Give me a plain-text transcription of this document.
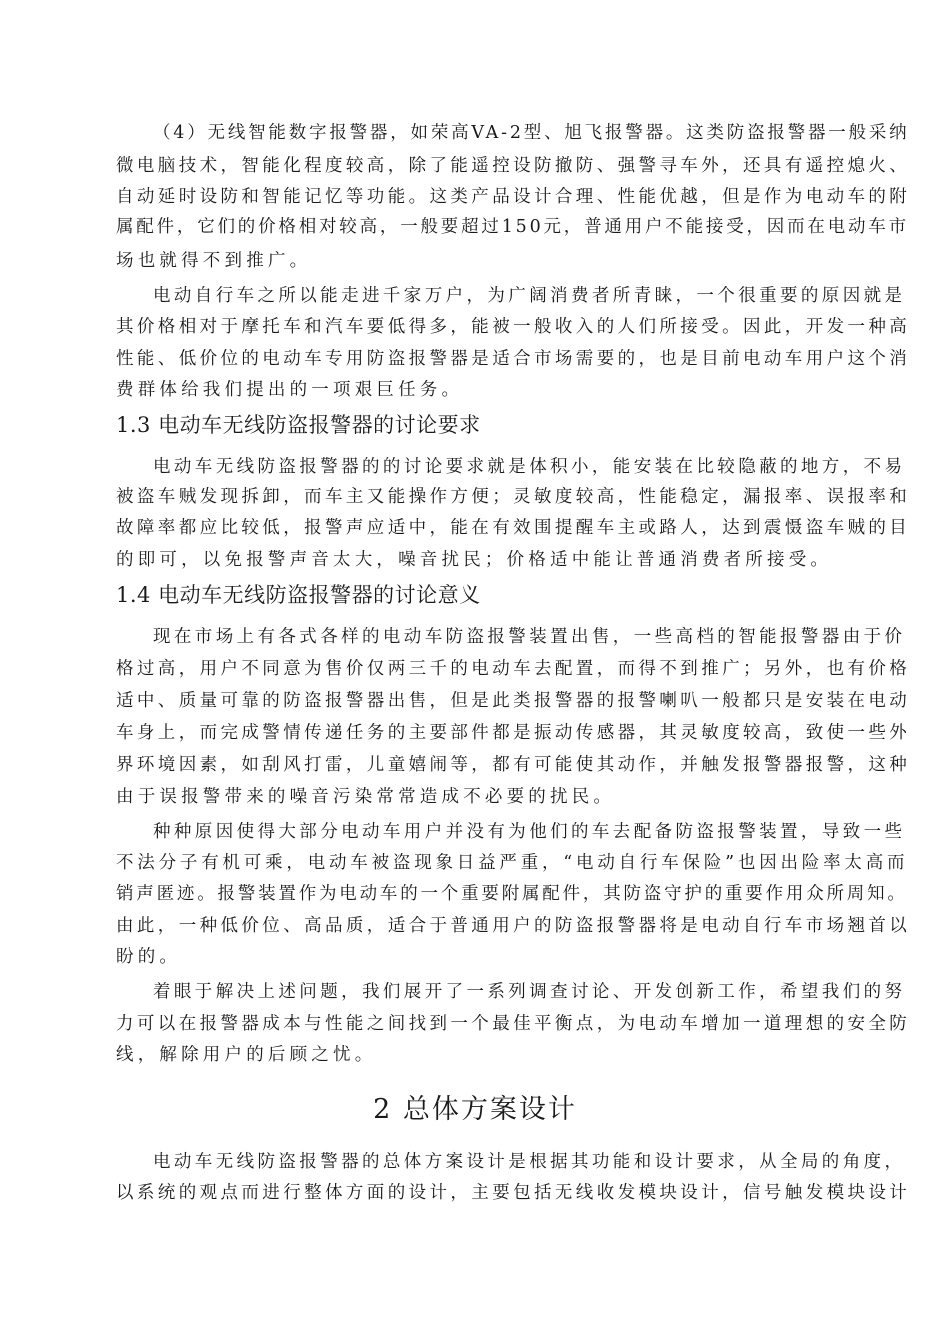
（4）无线智能数字报警器，如荣高VA-2型、旭飞报警器。这类防盗报警器一般采纳

微电脑技术，智能化程度较高，除了能遥控设防撤防、强警寻车外，还具有遥控熄火、

自动延时设防和智能记忆等功能。这类产品设计合理、性能优越，但是作为电动车的附

属配件，它们的价格相对较高，一般要超过150元，普通用户不能接受，因而在电动车市

场也就得不到推广。

电动自行车之所以能走进千家万户，为广阔消费者所青睐，一个很重要的原因就是

其价格相对于摩托车和汽车要低得多，能被一般收入的人们所接受。因此，开发一种高

性能、低价位的电动车专用防盗报警器是适合市场需要的，也是目前电动车用户这个消

费群体给我们提出的一项艰巨任务。

1.3 电动车无线防盗报警器的讨论要求

电动车无线防盗报警器的的讨论要求就是体积小，能安装在比较隐蔽的地方，不易

被盗车贼发现拆卸，而车主又能操作方便；灵敏度较高，性能稳定，漏报率、误报率和

故障率都应比较低，报警声应适中，能在有效围提醒车主或路人，达到震慑盗车贼的目

的即可，以免报警声音太大，噪音扰民；价格适中能让普通消费者所接受。

1.4 电动车无线防盗报警器的讨论意义

现在市场上有各式各样的电动车防盗报警装置出售，一些高档的智能报警器由于价

格过高，用户不同意为售价仅两三千的电动车去配置，而得不到推广；另外，也有价格

适中、质量可靠的防盗报警器出售，但是此类报警器的报警喇叭一般都只是安装在电动

车身上，而完成警情传递任务的主要部件都是振动传感器，其灵敏度较高，致使一些外

界环境因素，如刮风打雷，儿童嬉闹等，都有可能使其动作，并触发报警器报警，这种

由于误报警带来的噪音污染常常造成不必要的扰民。

种种原因使得大部分电动车用户并没有为他们的车去配备防盗报警装置，导致一些

不法分子有机可乘，电动车被盗现象日益严重，“电动自行车保险”也因出险率太高而

销声匿迹。报警装置作为电动车的一个重要附属配件，其防盗守护的重要作用众所周知。

由此，一种低价位、高品质，适合于普通用户的防盗报警器将是电动自行车市场翘首以

盼的。

着眼于解决上述问题，我们展开了一系列调查讨论、开发创新工作，希望我们的努

力可以在报警器成本与性能之间找到一个最佳平衡点，为电动车增加一道理想的安全防

线，解除用户的后顾之忧。

2 总体方案设计

电动车无线防盗报警器的总体方案设计是根据其功能和设计要求，从全局的角度，

以系统的观点而进行整体方面的设计，主要包括无线收发模块设计，信号触发模块设计
